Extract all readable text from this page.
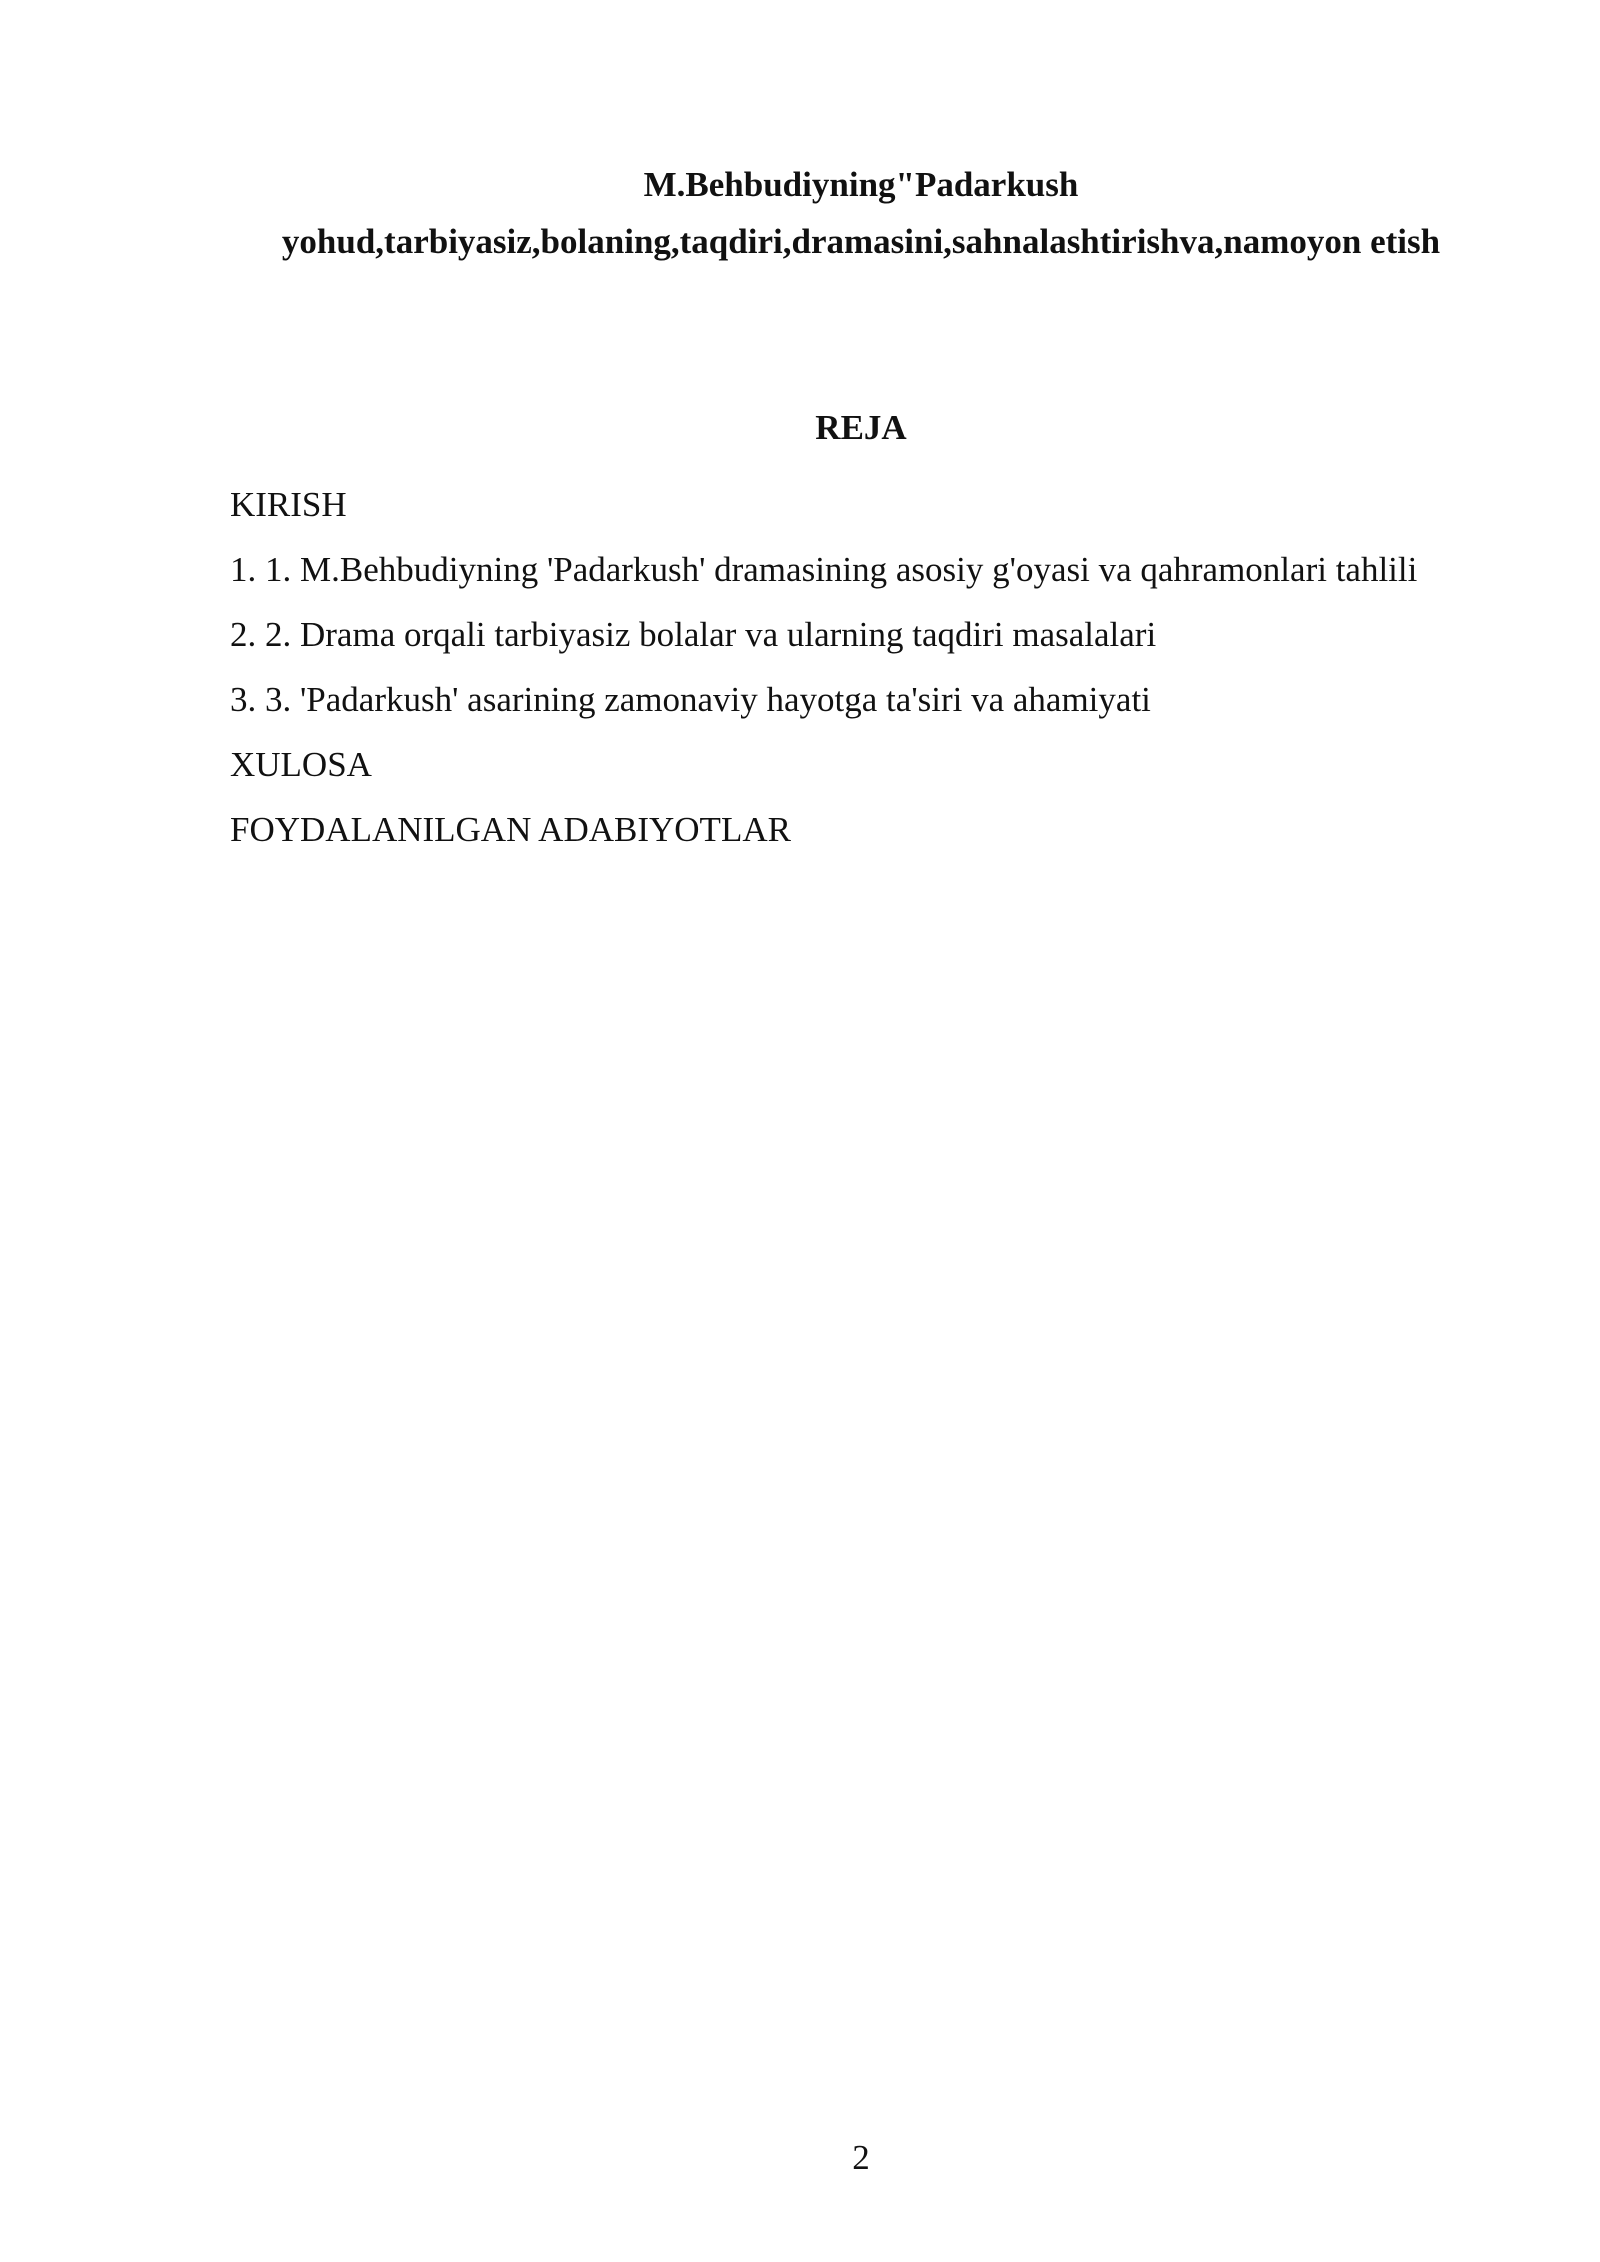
M.Behbudiyning"Padarkush
yohud,tarbiyasiz,bolaning,taqdiri,dramasini,sahnalashtirishva,namoyon etish
REJA
KIRISH
1. 1. M.Behbudiyning 'Padarkush' dramasining asosiy g'oyasi va qahramonlari tahlili
2. 2. Drama orqali tarbiyasiz bolalar va ularning taqdiri masalalari
3. 3. 'Padarkush' asarining zamonaviy hayotga ta'siri va ahamiyati
XULOSA
FOYDALANILGAN ADABIYOTLAR
2
